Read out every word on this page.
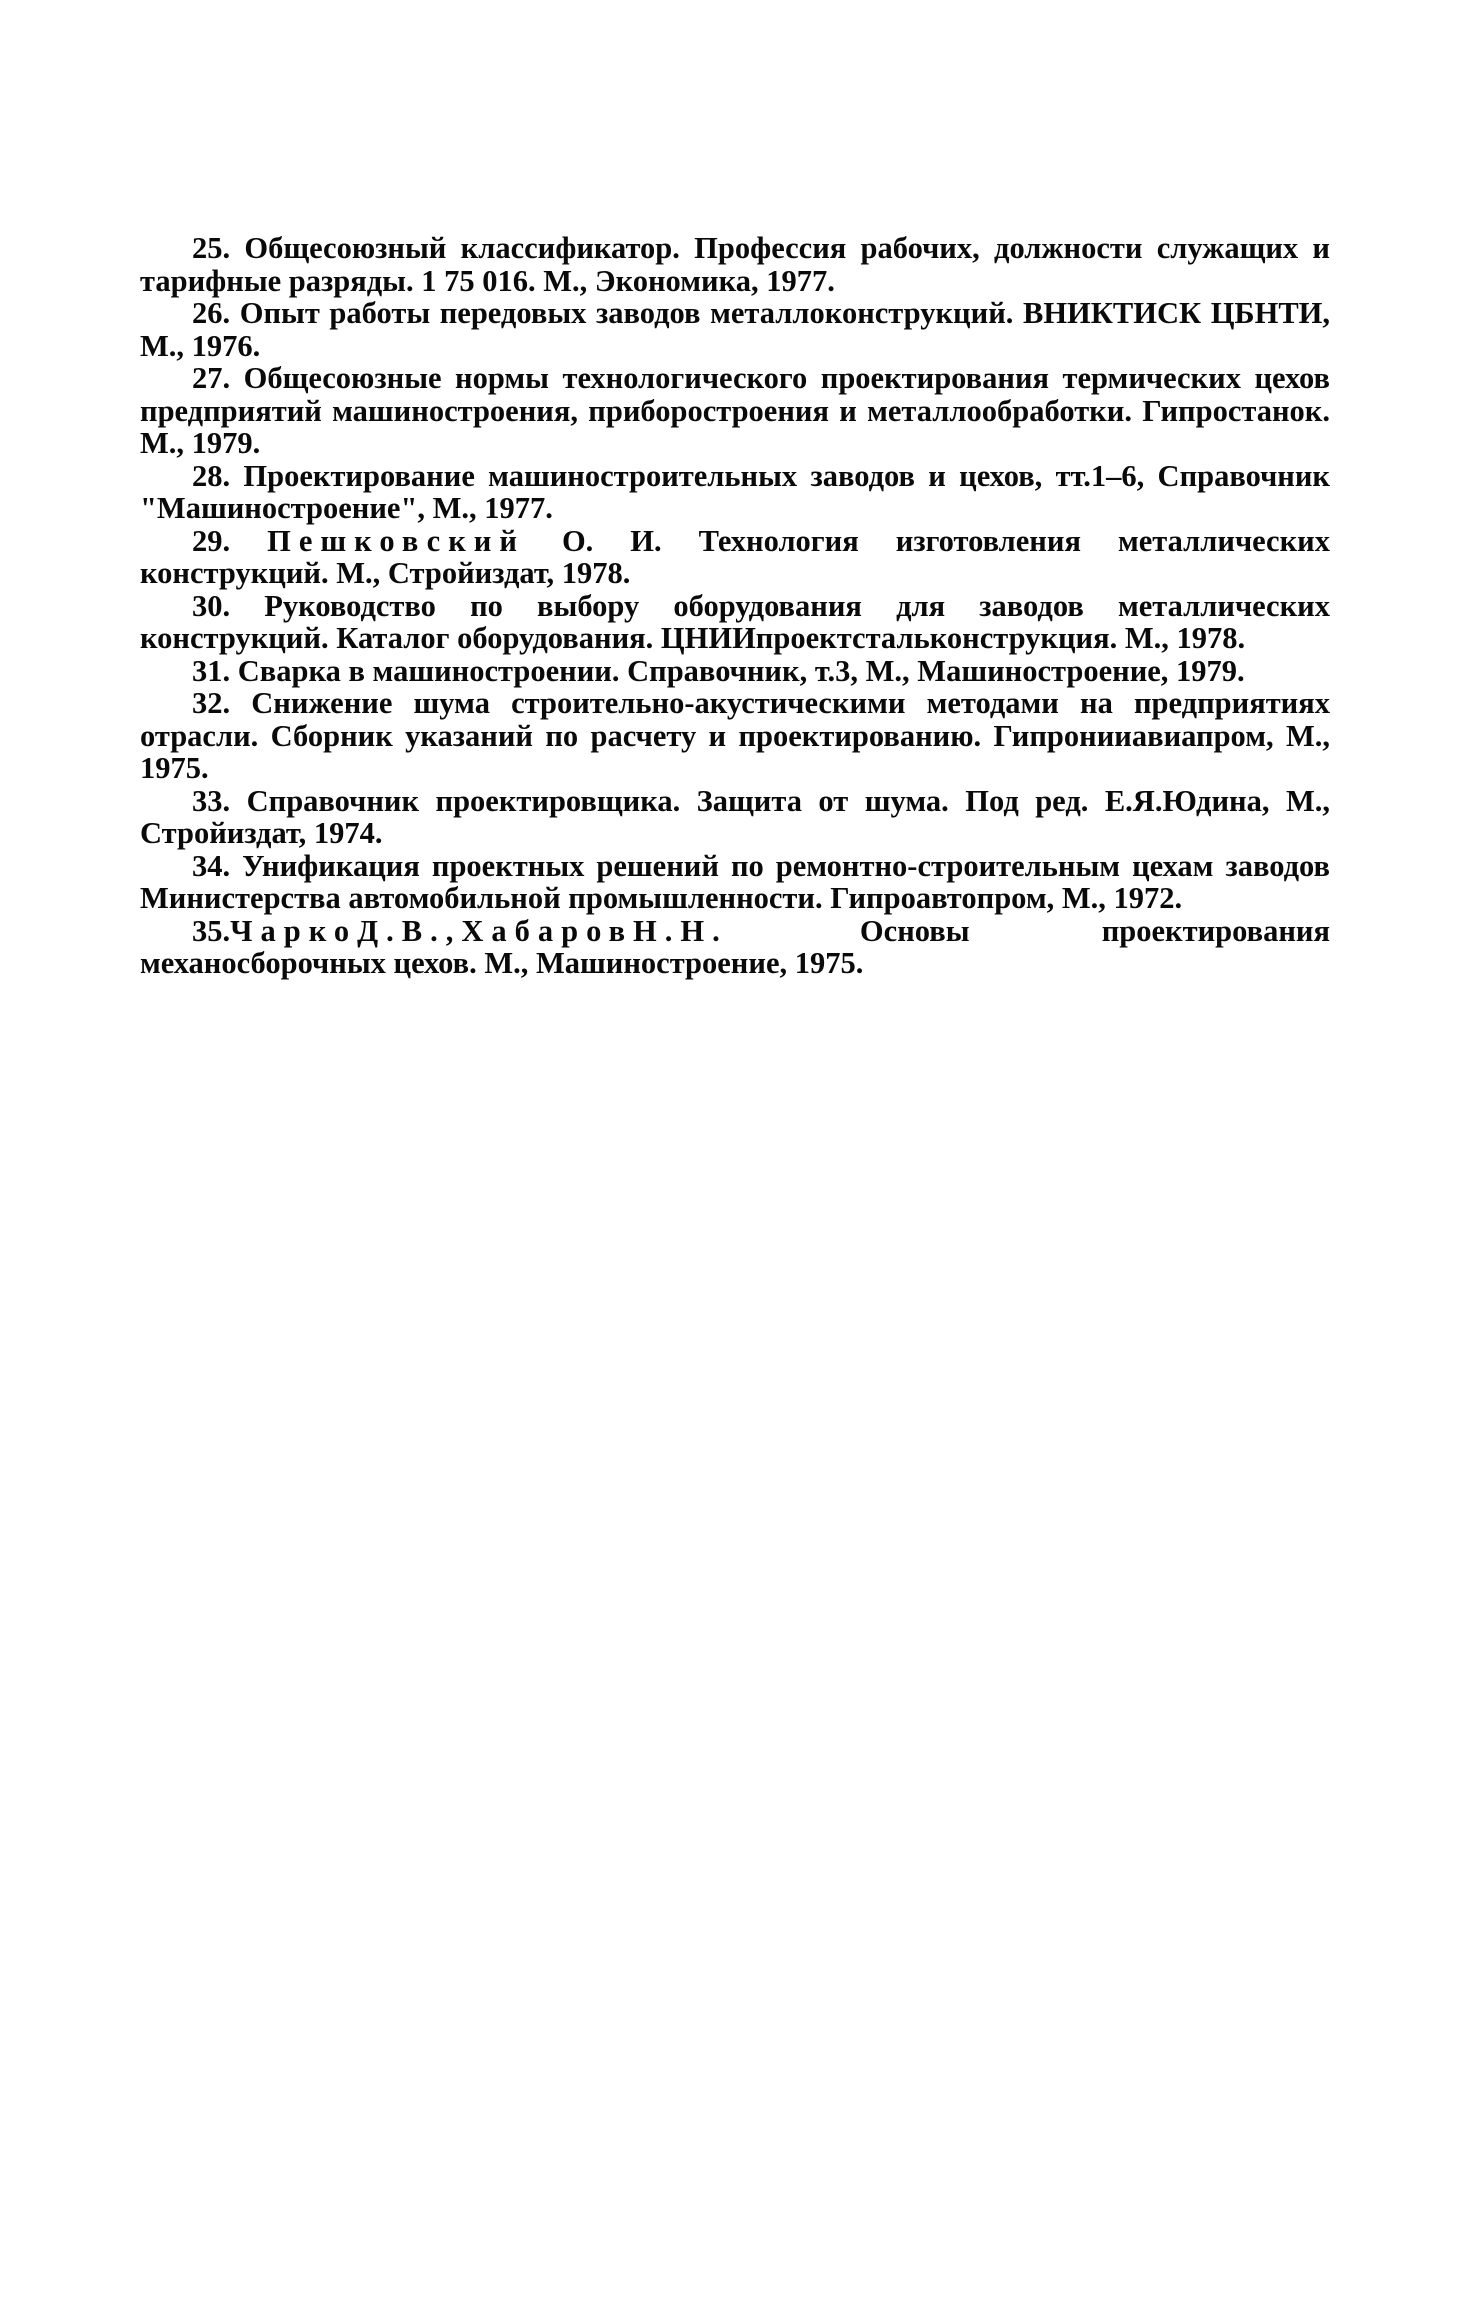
25. Общесоюзный классификатор. Профессия рабочих, должности служащих и тарифные разряды. 1 75 016. М., Экономика, 1977.

26. Опыт работы передовых заводов металлоконструкций. ВНИКТИСК ЦБНТИ, М., 1976.

27. Общесоюзные нормы технологического проектирования термических цехов предприятий машиностроения, приборостроения и металлообработки. Гипростанок. М., 1979.

28. Проектирование машиностроительных заводов и цехов, тт.1–6, Справочник "Машиностроение", М., 1977.

29. Пешковский О. И. Технология изготовления металлических конструкций. М., Стройиздат, 1978.

30. Руководство по выбору оборудования для заводов металлических конструкций. Каталог оборудования. ЦНИИпроектстальконструкция. М., 1978.

31. Сварка в машиностроении. Справочник, т.3, М., Машиностроение, 1979.

32. Снижение шума строительно-акустическими методами на предприятиях отрасли. Сборник указаний по расчету и проектированию. Гипронииавиапром, М., 1975.

33. Справочник проектировщика. Защита от шума. Под ред. Е.Я.Юдина, М., Стройиздат, 1974.

34. Унификация проектных решений по ремонтно-строительным цехам заводов Министерства автомобильной промышленности. Гипроавтопром, М., 1972.

35.ЧаркоД.В.,ХабаровН.Н. Основы проектирования механосборочных цехов. М., Машиностроение, 1975.
